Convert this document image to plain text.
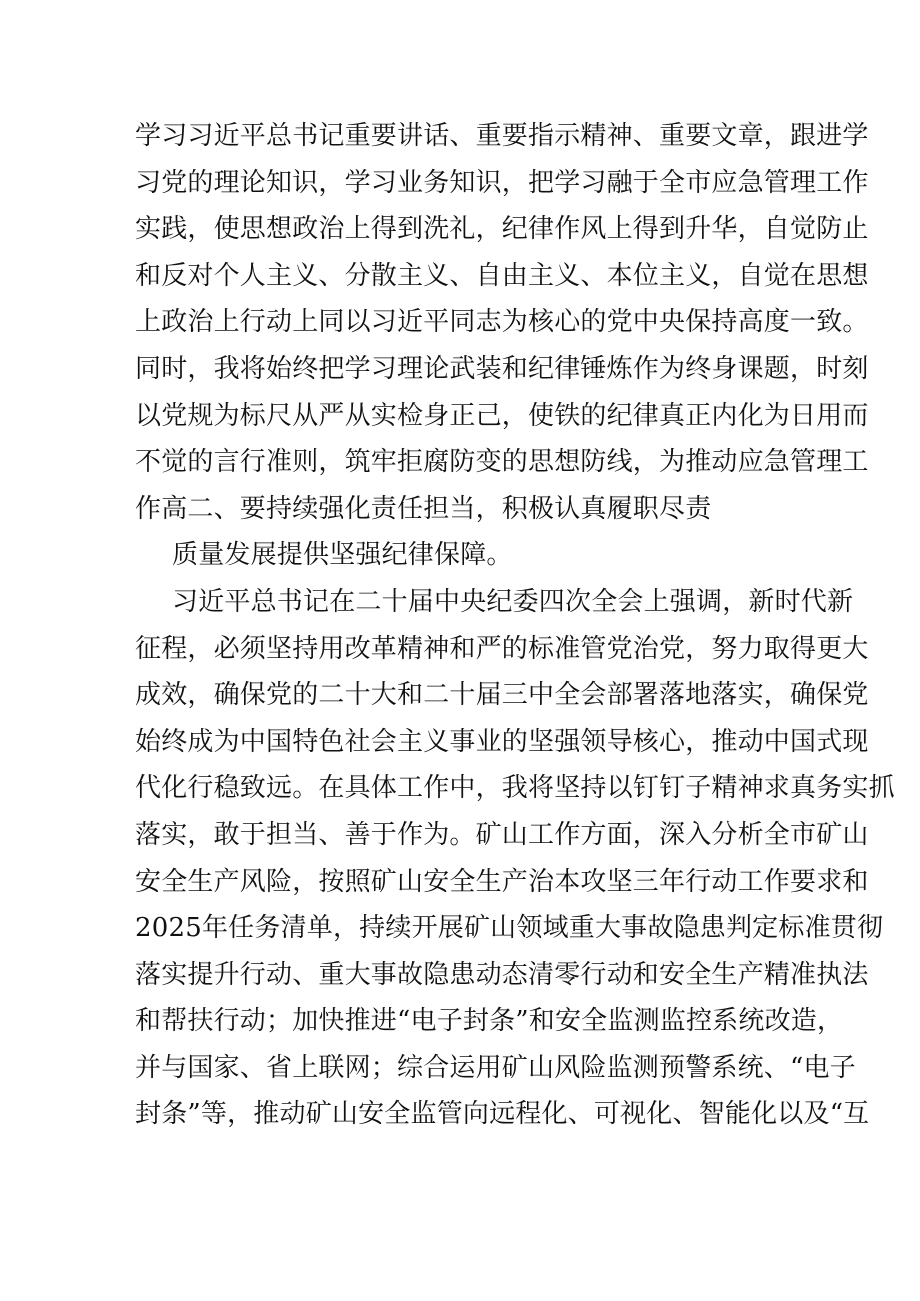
学习习近平总书记重要讲话、重要指示精神、重要文章，跟进学
习党的理论知识，学习业务知识，把学习融于全市应急管理工作
实践，使思想政治上得到洗礼，纪律作风上得到升华，自觉防止
和反对个人主义、分散主义、自由主义、本位主义，自觉在思想
上政治上行动上同以习近平同志为核心的党中央保持高度一致。
同时，我将始终把学习理论武装和纪律锤炼作为终身课题，时刻
以党规为标尺从严从实检身正己，使铁的纪律真正内化为日用而
不觉的言行准则，筑牢拒腐防变的思想防线，为推动应急管理工
作高二、要持续强化责任担当，积极认真履职尽责
质量发展提供坚强纪律保障。
习近平总书记在二十届中央纪委四次全会上强调，新时代新
征程，必须坚持用改革精神和严的标准管党治党，努力取得更大
成效，确保党的二十大和二十届三中全会部署落地落实，确保党
始终成为中国特色社会主义事业的坚强领导核心，推动中国式现
代化行稳致远。在具体工作中，我将坚持以钉钉子精神求真务实抓
落实，敢于担当、善于作为。矿山工作方面，深入分析全市矿山
安全生产风险，按照矿山安全生产治本攻坚三年行动工作要求和
2025年任务清单，持续开展矿山领域重大事故隐患判定标准贯彻
落实提升行动、重大事故隐患动态清零行动和安全生产精准执法
和帮扶行动；加快推进“电子封条”和安全监测监控系统改造，
并与国家、省上联网；综合运用矿山风险监测预警系统、“电子
封条”等，推动矿山安全监管向远程化、可视化、智能化以及“互
